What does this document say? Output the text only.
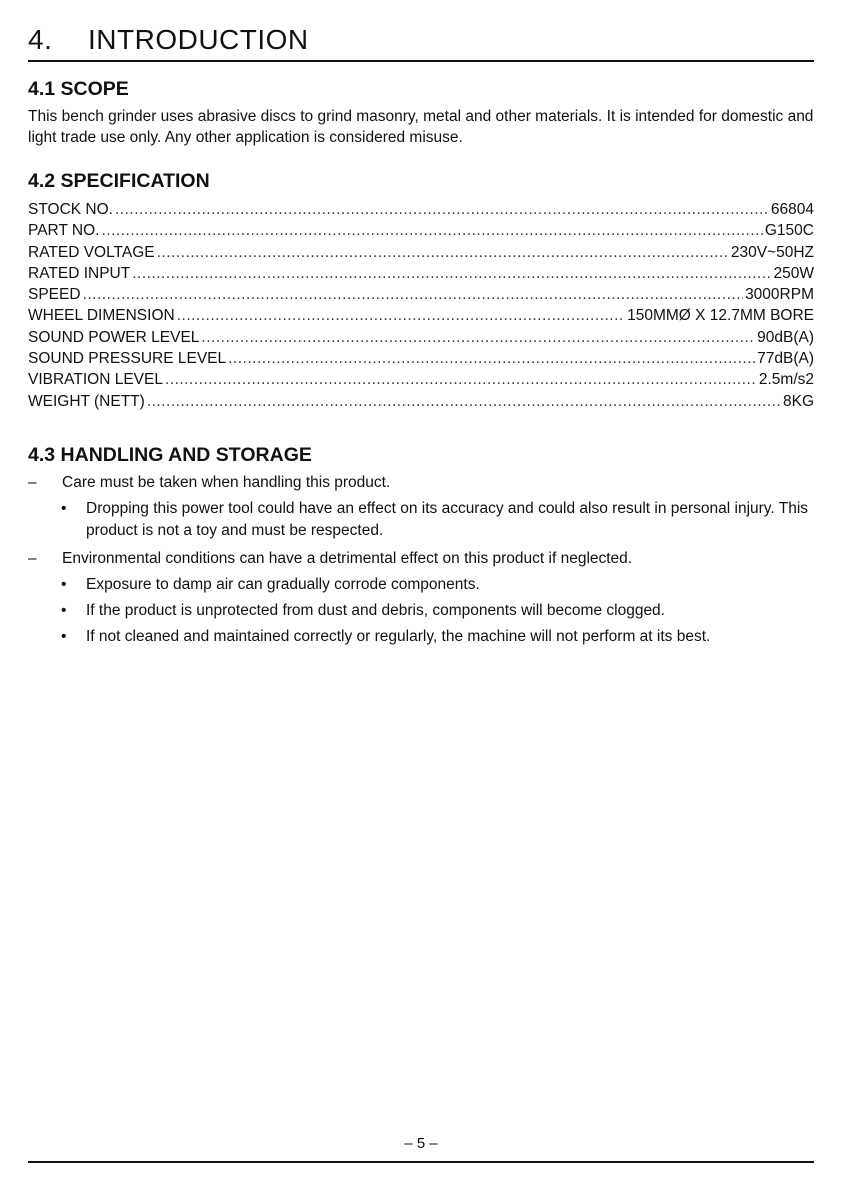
4. INTRODUCTION
4.1 SCOPE
This bench grinder uses abrasive discs to grind masonry, metal and other materials. It is intended for domestic and light trade use only. Any other application is considered misuse.
4.2 SPECIFICATION
STOCK NO. .....	66804
PART NO. .....	G150C
RATED VOLTAGE .....	230V~50HZ
RATED INPUT .....	250W
SPEED .....	3000RPM
WHEEL DIMENSION .....	150MMØ X 12.7MM BORE
SOUND POWER LEVEL .....	90dB(A)
SOUND PRESSURE LEVEL .....	77dB(A)
VIBRATION LEVEL .....	2.5m/s2
WEIGHT (NETT) .....	8KG
4.3 HANDLING AND STORAGE
– Care must be taken when handling this product.
• Dropping this power tool could have an effect on its accuracy and could also result in personal injury. This product is not a toy and must be respected.
– Environmental conditions can have a detrimental effect on this product if neglected.
• Exposure to damp air can gradually corrode components.
• If the product is unprotected from dust and debris, components will become clogged.
• If not cleaned and maintained correctly or regularly, the machine will not perform at its best.
– 5 –
